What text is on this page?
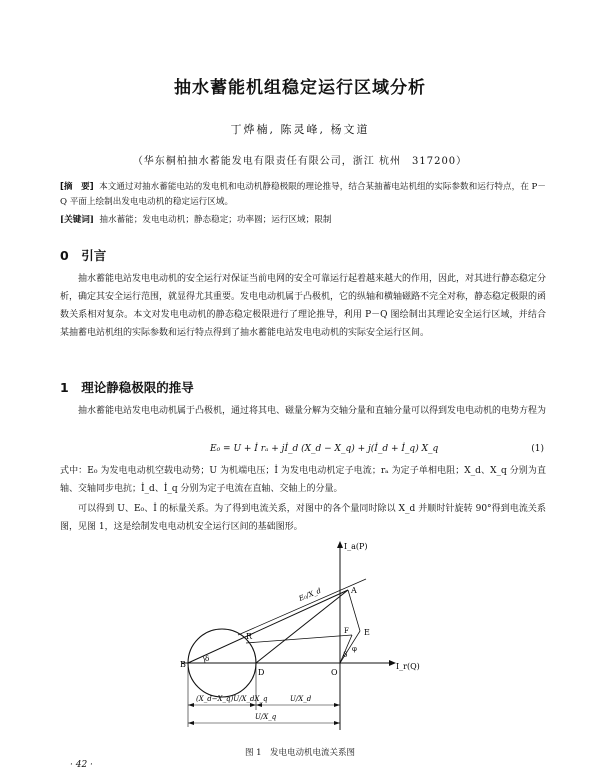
抽水蓄能机组稳定运行区域分析
丁烨楠, 陈灵峰, 杨文道
（华东桐柏抽水蓄能发电有限责任有限公司，浙江 杭州　317200）
[摘　要] 本文通过对抽水蓄能电站的发电机和电动机静稳极限的理论推导，结合某抽蓄电站机组的实际参数和运行特点，在 P－Q 平面上绘制出发电电动机的稳定运行区域。
[关键词] 抽水蓄能；发电电动机；静态稳定；功率圆；运行区域；限制
0　引言
抽水蓄能电站发电电动机的安全运行对保证当前电网的安全可靠运行起着越来越大的作用，因此，对其进行静态稳定分析，确定其安全运行范围，就显得尤其重要。发电电动机属于凸极机，它的纵轴和横轴磁路不完全对称，静态稳定极限的函数关系相对复杂。本文对发电电动机的静态稳定极限进行了理论推导，利用 P－Q 图绘制出其理论安全运行区域，并结合某抽蓄电站机组的实际参数和运行特点得到了抽水蓄能电站发电电动机的实际安全运行区间。
1　理论静稳极限的推导
抽水蓄能电站发电电动机属于凸极机，通过将其电、磁量分解为交轴分量和直轴分量可以得到发电电动机的电势方程为
E₀ = U + İ rₐ + jİ_d (X_d − X_q) + j(İ_d + İ_q) X_q	(1)
式中：E₀ 为发电电动机空载电动势；U 为机端电压；İ 为发电电动机定子电流；rₐ 为定子单相电阻；X_d、X_q 分别为直轴、交轴同步电抗；İ_d、İ_q 分别为定子电流在直轴、交轴上的分量。
可以得到 U、E₀、İ 的标量关系。为了得到电流关系，对图中的各个量同时除以 X_d 并顺时针旋转 90°得到电流关系图，见图 1，这是绘制发电电动机安全运行区间的基础图形。
I_a(P)
I_r(Q)
B
D	O
A
R	E
F
δ	δ
φ
E₀/X_d
(X_d−X_q)U/X_dX_q	U/X_d
U/X_q
图 1　发电电动机电流关系图
· 42 ·
